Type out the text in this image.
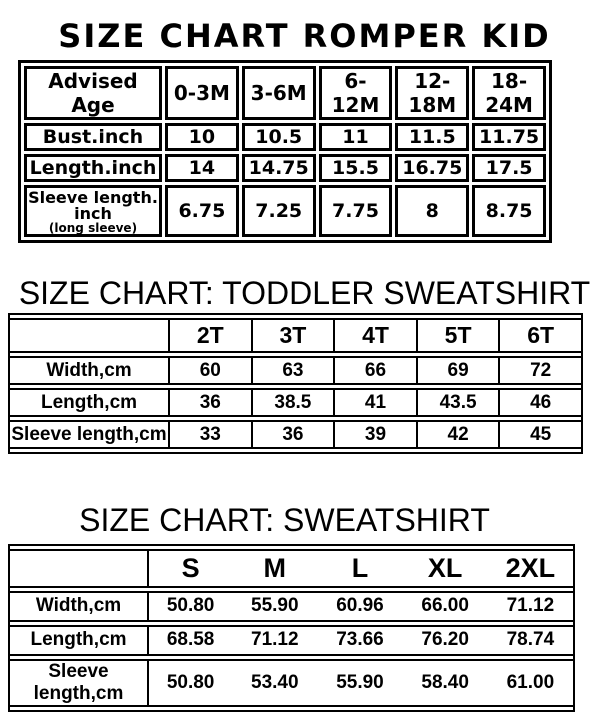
SIZE CHART ROMPER KID
Advised Age	0-3M	3-6M	6-12M	12-18M	18-24M
Bust.inch	10	10.5	11	11.5	11.75
Length.inch	14	14.75	15.5	16.75	17.5

Sleeve length. inch
(long sleeve)	6.75	7.25	7.75	8	8.75
SIZE CHART: TODDLER SWEATSHIRT
	2T	3T	4T	5T	6T
Width,cm	60	63	66	69	72
Length,cm	36	38.5	41	43.5	46
Sleeve length,cm	33	36	39	42	45
SIZE CHART: SWEATSHIRT
	S	M	L	XL	2XL
Width,cm	50.80	55.90	60.96	66.00	71.12
Length,cm	68.58	71.12	73.66	76.20	78.74
Sleeve length,cm	50.80	53.40	55.90	58.40	61.00
